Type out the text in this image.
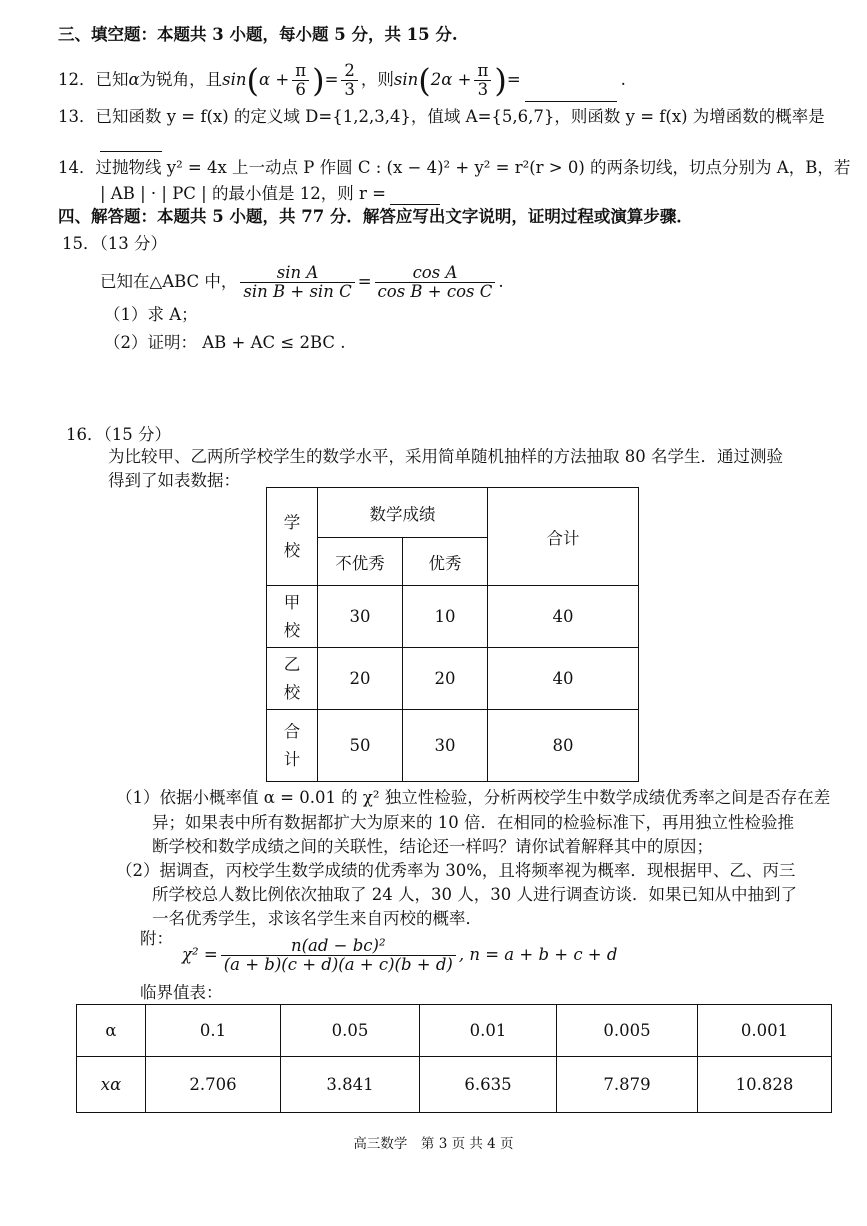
三、填空题：本题共 3 小题，每小题 5 分，共 15 分.
12．已知α为锐角，且$\sin(\alpha + \frac{\pi}{6}$ )= $\frac{2}{3}$ ，则$\sin(2\alpha + \frac{\pi}{3}$ )=	.
13．已知函数 y = f(x) 的定义域 D={1,2,3,4}，值域 A={5,6,7}，则函数 y = f(x) 为增函数的概率是
14．过抛物线 y² = 4x 上一动点 P 作圆 C : (x − 4)² + y² = r²(r > 0) 的两条切线，切点分别为 A，B，若
| AB | · | PC | 的最小值是 12，则 r =
四、解答题：本题共 5 小题，共 77 分．解答应写出文字说明，证明过程或演算步骤．
15．（13 分）
已知在△ABC 中， $\frac{\text{sin A}}{\text{sin B + sin C}} = \frac{\text{cos A}}{\text{cos B + cos C}}$ .
（1）求 A；
（2）证明： AB + AC ≤ 2BC .
16．（15 分）
为比较甲、乙两所学校学生的数学水平，采用简单随机抽样的方法抽取 80 名学生．通过测验
得到了如表数据：
学
校	数学成绩		合计
	不优秀	优秀	
甲
校	30	10	40
乙
校	20	20	40
合
计	50	30	80
（1）依据小概率值 α = 0.01 的 χ² 独立性检验，分析两校学生中数学成绩优秀率之间是否存在差
异；如果表中所有数据都扩大为原来的 10 倍．在相同的检验标准下，再用独立性检验推
断学校和数学成绩之间的关联性，结论还一样吗？请你试着解释其中的原因；
（2）据调查，丙校学生数学成绩的优秀率为 30%，且将频率视为概率．现根据甲、乙、丙三
所学校总人数比例依次抽取了 24 人，30 人，30 人进行调查访谈．如果已知从中抽到了
一名优秀学生，求该名学生来自丙校的概率．
附：
$\chi^2 = \frac{\text{n(ad − bc)²}}{(a + b)(c + d)(a + c)(b + d)}$ , n = a + b + c + d
临界值表：
α	0.1	0.05	0.01	0.005	0.001
xα	2.706	3.841	6.635	7.879	10.828
高三数学　第 3 页 共 4 页
